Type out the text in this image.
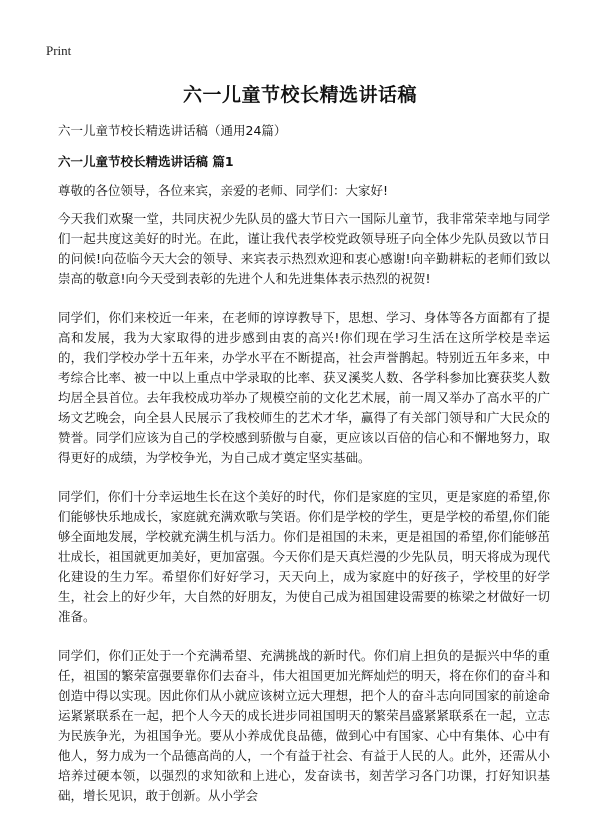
Print
六一儿童节校长精选讲话稿

六一儿童节校长精选讲话稿（通用24篇）

六一儿童节校长精选讲话稿 篇1

尊敬的各位领导，各位来宾，亲爱的老师、同学们：大家好!

今天我们欢聚一堂，共同庆祝少先队员的盛大节日六一国际儿童节，我非常荣幸地与同学们一起共度这美好的时光。在此，谨让我代表学校党政领导班子向全体少先队员致以节日的问候!向莅临今天大会的领导、来宾表示热烈欢迎和衷心感谢!向辛勤耕耘的老师们致以崇高的敬意!向今天受到表彰的先进个人和先进集体表示热烈的祝贺!

同学们，你们来校近一年来，在老师的谆谆教导下，思想、学习、身体等各方面都有了提高和发展，我为大家取得的进步感到由衷的高兴!你们现在学习生活在这所学校是幸运的，我们学校办学十五年来，办学水平在不断提高，社会声誉鹊起。特别近五年多来，中考综合比率、被一中以上重点中学录取的比率、获叉溪奖人数、各学科参加比赛获奖人数均居全县首位。去年我校成功举办了规模空前的文化艺术展，前一周又举办了高水平的广场文艺晚会，向全县人民展示了我校师生的艺术才华，赢得了有关部门领导和广大民众的赞誉。同学们应该为自己的学校感到骄傲与自豪，更应该以百倍的信心和不懈地努力，取得更好的成绩，为学校争光，为自己成才奠定坚实基础。

同学们，你们十分幸运地生长在这个美好的时代，你们是家庭的宝贝，更是家庭的希望,你们能够快乐地成长，家庭就充满欢歌与笑语。你们是学校的学生，更是学校的希望,你们能够全面地发展，学校就充满生机与活力。你们是祖国的未来，更是祖国的希望,你们能够茁壮成长，祖国就更加美好，更加富强。今天你们是天真烂漫的少先队员，明天将成为现代化建设的生力军。希望你们好好学习，天天向上，成为家庭中的好孩子，学校里的好学生，社会上的好少年，大自然的好朋友，为使自己成为祖国建设需要的栋梁之材做好一切准备。

同学们，你们正处于一个充满希望、充满挑战的新时代。你们肩上担负的是振兴中华的重任，祖国的繁荣富强要靠你们去奋斗，伟大祖国更加光辉灿烂的明天，将在你们的奋斗和创造中得以实现。因此你们从小就应该树立远大理想，把个人的奋斗志向同国家的前途命运紧紧联系在一起，把个人今天的成长进步同祖国明天的繁荣昌盛紧紧联系在一起，立志为民族争光，为祖国争光。要从小养成优良品德，做到心中有国家、心中有集体、心中有他人，努力成为一个品德高尚的人，一个有益于社会、有益于人民的人。此外，还需从小培养过硬本领，以强烈的求知欲和上进心，发奋读书，刻苦学习各门功课，打好知识基础，增长见识，敢于创新。从小学会
